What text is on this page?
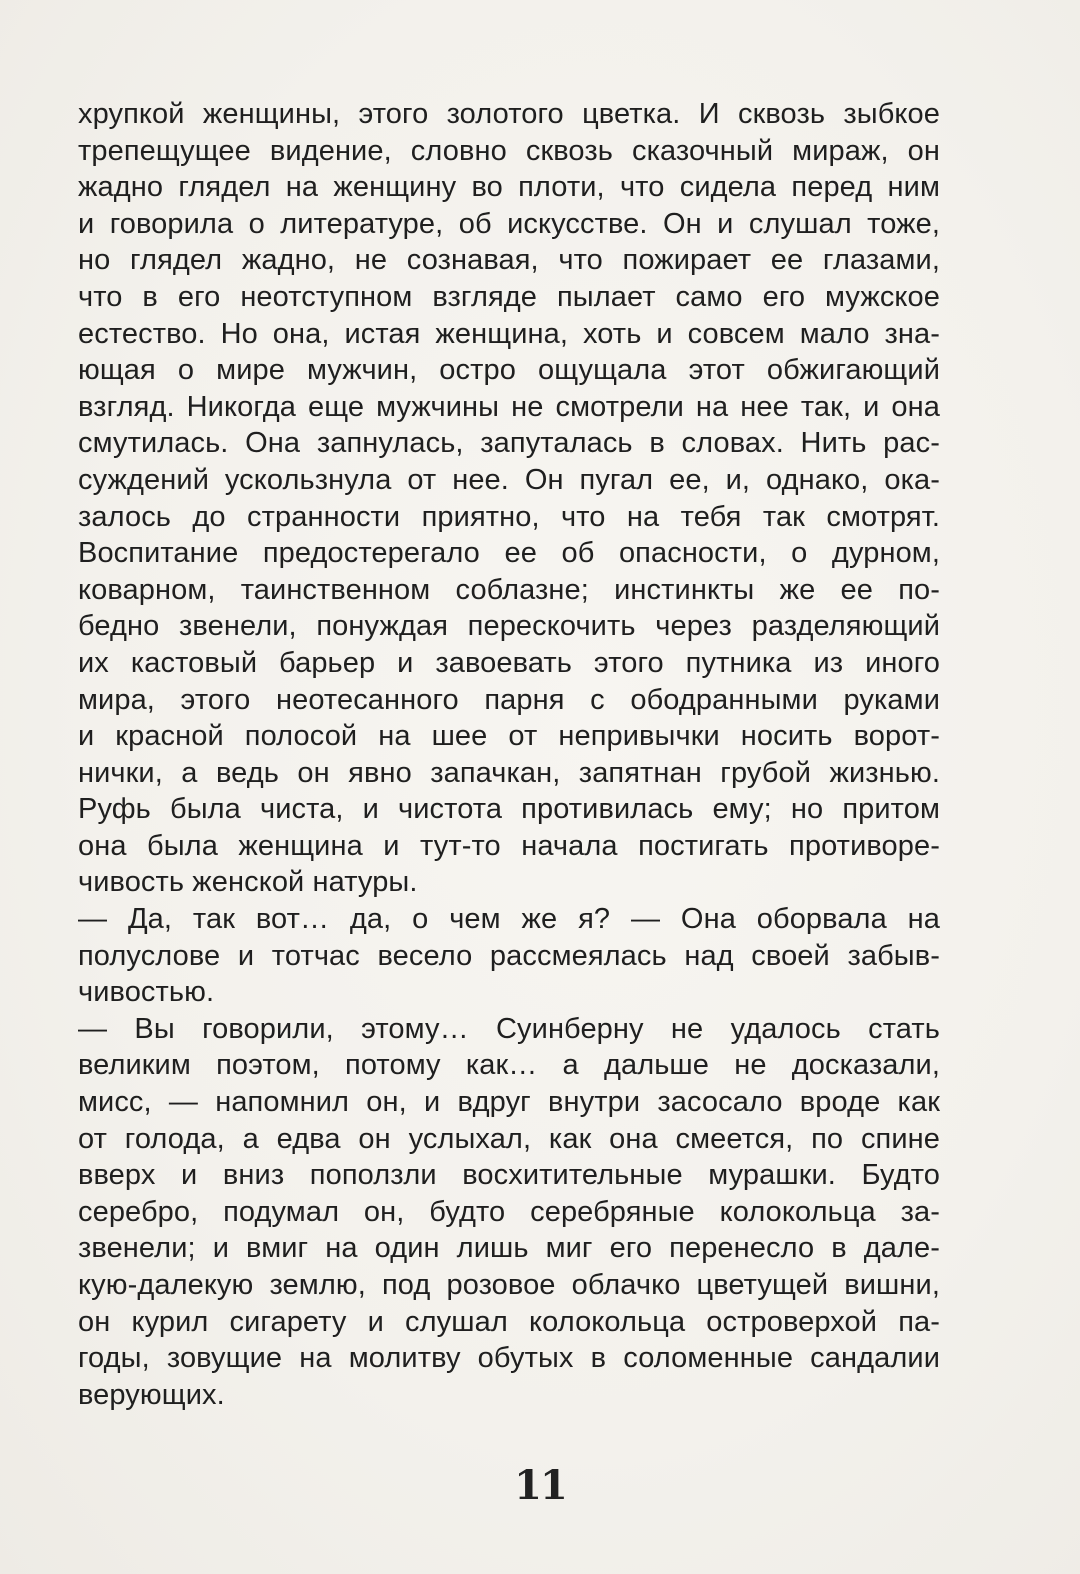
хрупкой женщины, этого золотого цветка. И сквозь зыбкое
трепещущее видение, словно сквозь сказочный мираж, он
жадно глядел на женщину во плоти, что сидела перед ним
и говорила о литературе, об искусстве. Он и слушал тоже,
но глядел жадно, не сознавая, что пожирает ее глазами,
что в его неотступном взгляде пылает само его мужское
естество. Но она, истая женщина, хоть и совсем мало зна-
ющая о мире мужчин, остро ощущала этот обжигающий
взгляд. Никогда еще мужчины не смотрели на нее так, и она
смутилась. Она запнулась, запуталась в словах. Нить рас-
суждений ускользнула от нее. Он пугал ее, и, однако, ока-
залось до странности приятно, что на тебя так смотрят.
Воспитание предостерегало ее об опасности, о дурном,
коварном, таинственном соблазне; инстинкты же ее по-
бедно звенели, понуждая перескочить через разделяющий
их кастовый барьер и завоевать этого путника из иного
мира, этого неотесанного парня с ободранными руками
и красной полосой на шее от непривычки носить ворот-
нички, а ведь он явно запачкан, запятнан грубой жизнью.
Руфь была чиста, и чистота противилась ему; но притом
она была женщина и тут-то начала постигать противоре-
чивость женской натуры.
— Да, так вот… да, о чем же я? — Она оборвала на
полуслове и тотчас весело рассмеялась над своей забыв-
чивостью.
— Вы говорили, этому… Суинберну не удалось стать
великим поэтом, потому как… а дальше не досказали,
мисс, — напомнил он, и вдруг внутри засосало вроде как
от голода, а едва он услыхал, как она смеется, по спине
вверх и вниз поползли восхитительные мурашки. Будто
серебро, подумал он, будто серебряные колокольца за-
звенели; и вмиг на один лишь миг его перенесло в дале-
кую-далекую землю, под розовое облачко цветущей вишни,
он курил сигарету и слушал колокольца островерхой па-
годы, зовущие на молитву обутых в соломенные сандалии
верующих.
11
